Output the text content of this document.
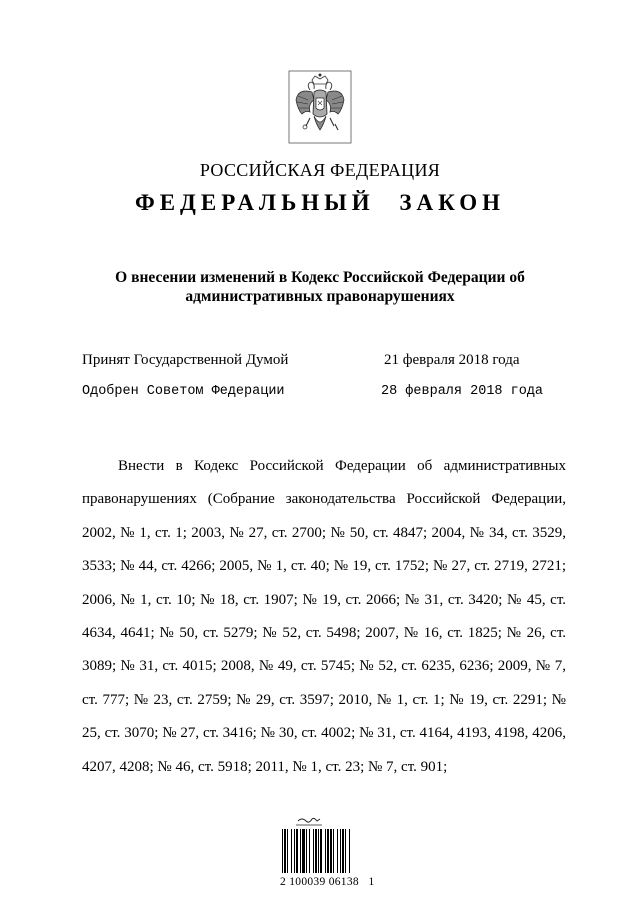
РОССИЙСКАЯ ФЕДЕРАЦИЯ
ФЕДЕРАЛЬНЫЙ ЗАКОН
О внесении изменений в Кодекс Российской Федерации об
административных правонарушениях
Принят Государственной Думой	21 февраля 2018 года
Одобрен Советом Федерации	28 февраля 2018 года
Внести в Кодекс Российской Федерации об административных правонарушениях (Собрание законодательства Российской Федерации, 2002, № 1, ст. 1; 2003, № 27, ст. 2700; № 50, ст. 4847; 2004, № 34, ст. 3529, 3533; № 44, ст. 4266; 2005, № 1, ст. 40; № 19, ст. 1752; № 27, ст. 2719, 2721; 2006, № 1, ст. 10; № 18, ст. 1907; № 19, ст. 2066; № 31, ст. 3420; № 45, ст. 4634, 4641; № 50, ст. 5279; № 52, ст. 5498; 2007, № 16, ст. 1825; № 26, ст. 3089; № 31, ст. 4015; 2008, № 49, ст. 5745; № 52, ст. 6235, 6236; 2009, № 7, ст. 777; № 23, ст. 2759; № 29, ст. 3597; 2010, № 1, ст. 1; № 19, ст. 2291; № 25, ст. 3070; № 27, ст. 3416; № 30, ст. 4002; № 31, ст. 4164, 4193, 4198, 4206, 4207, 4208; № 46, ст. 5918; 2011, № 1, ст. 23; № 7, ст. 901;
2 100039 06138   1
